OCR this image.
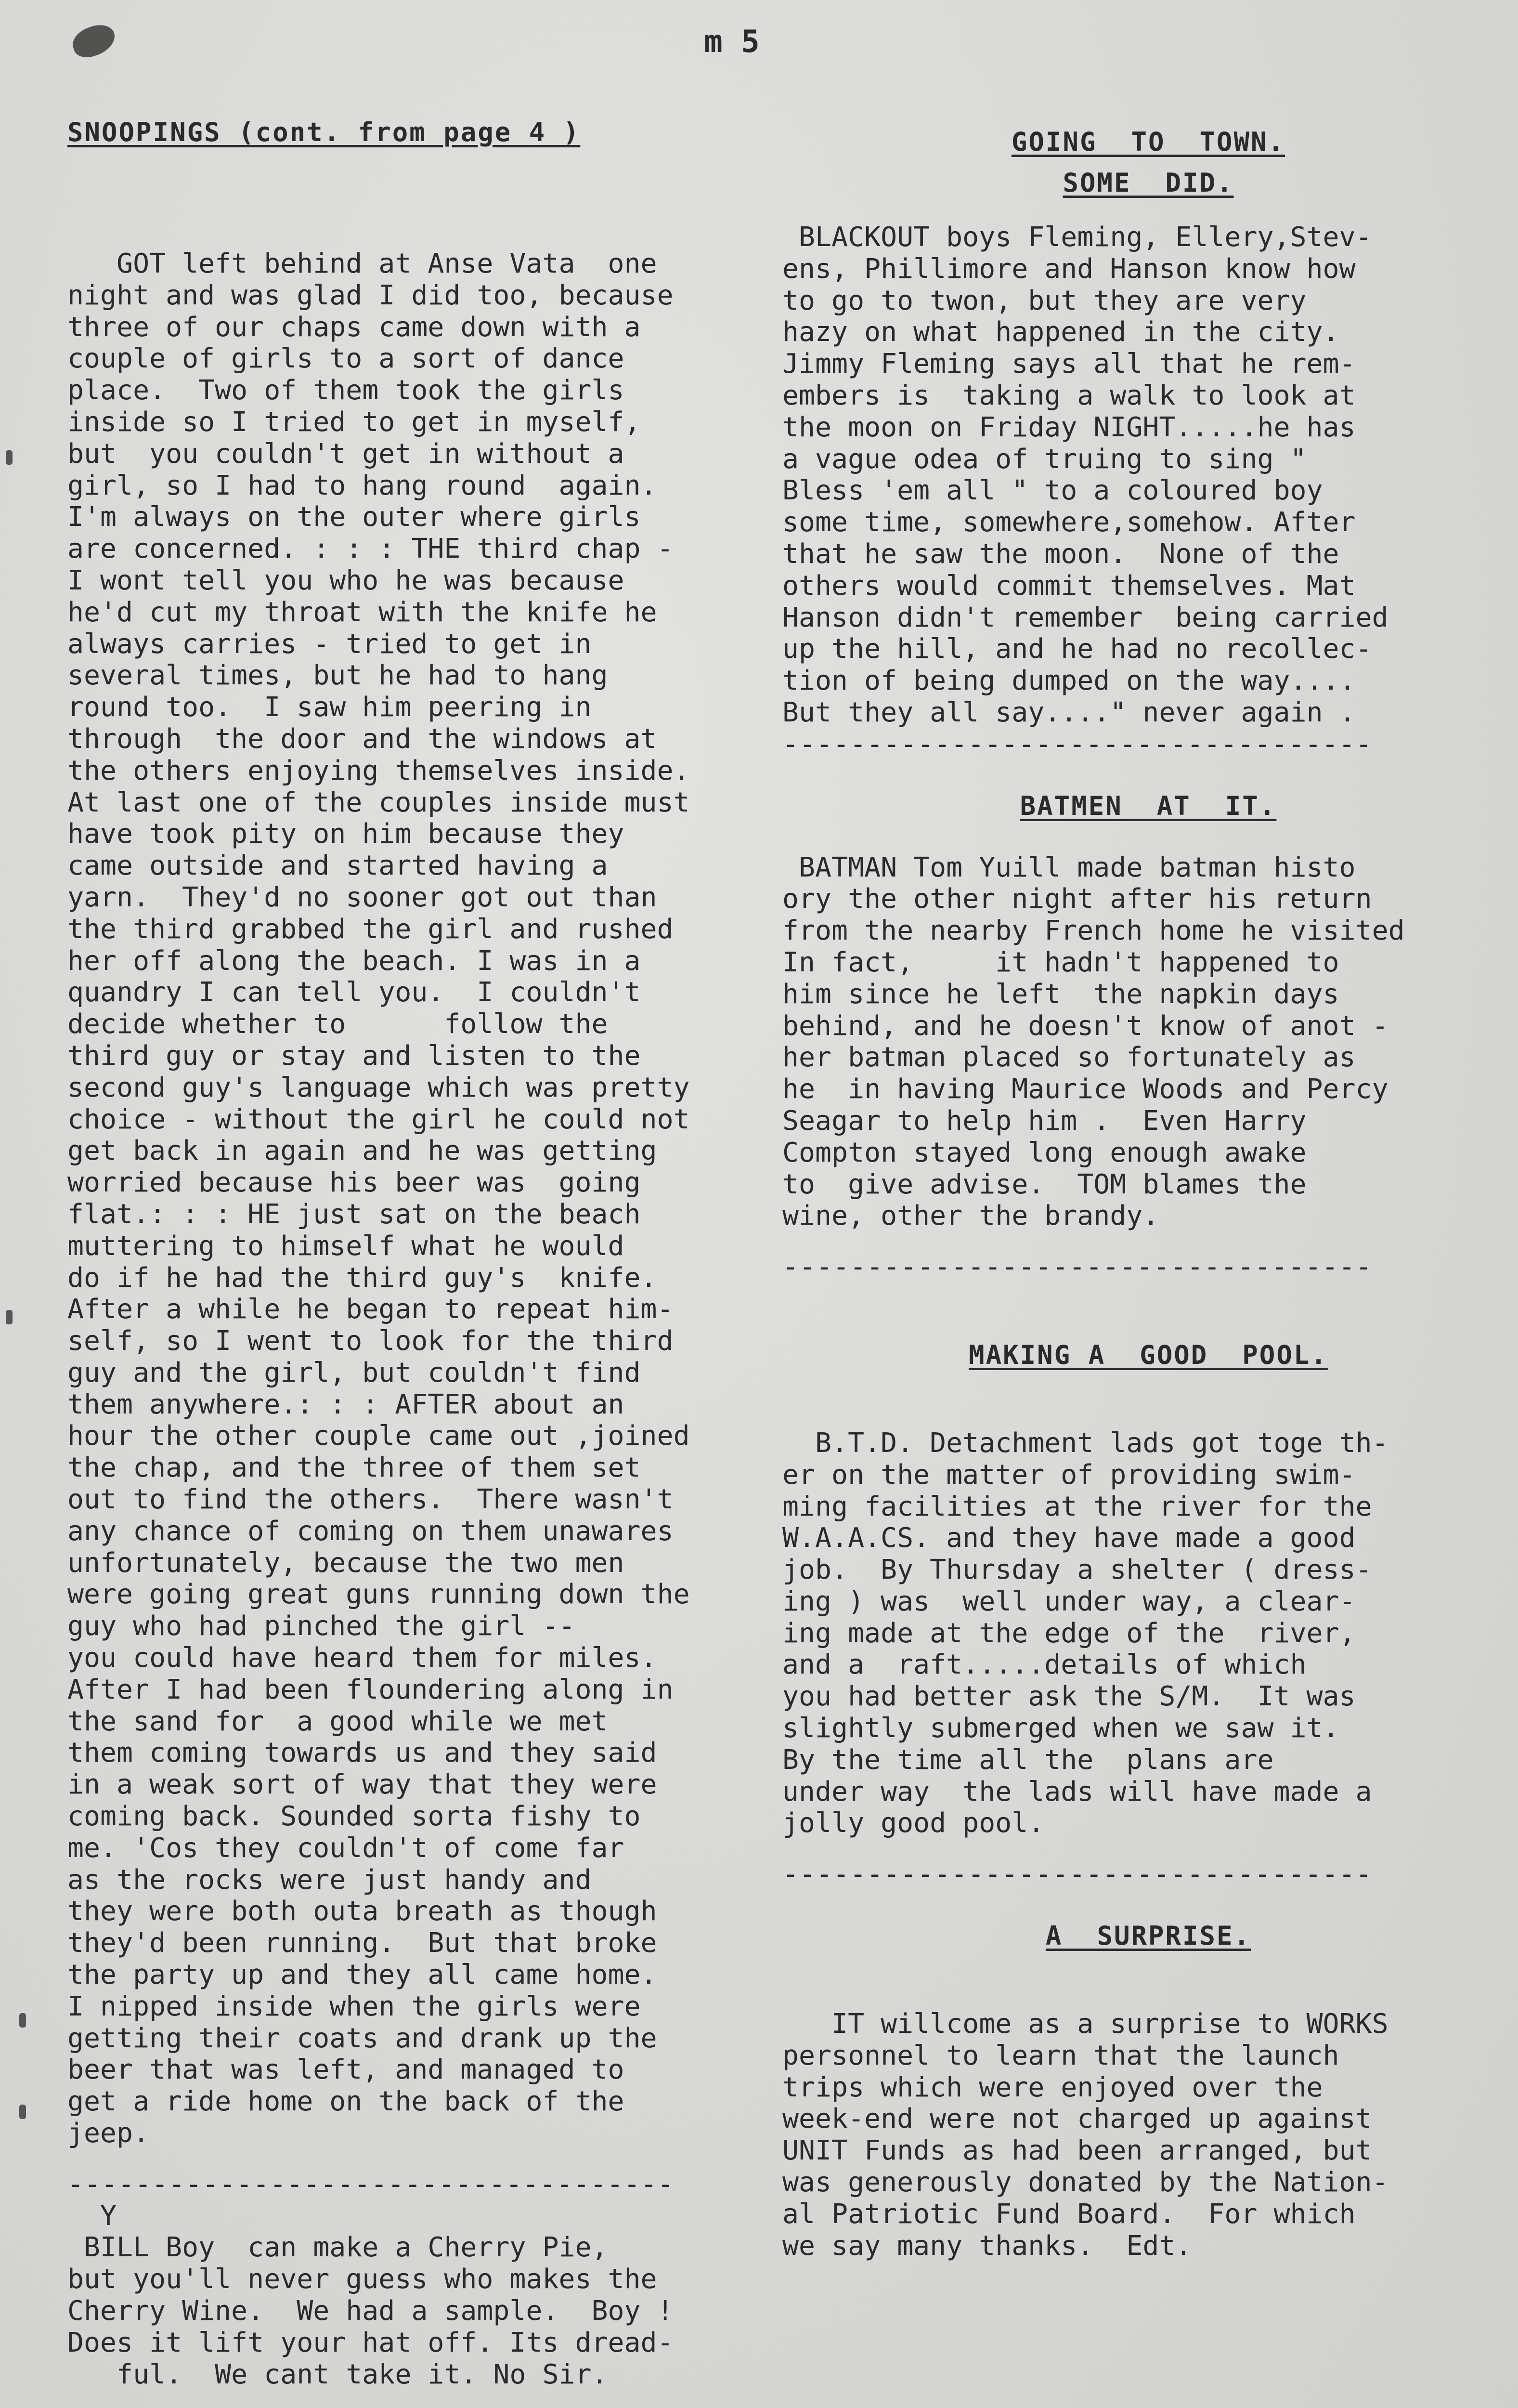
m 5
SNOOPINGS (cont. from page 4 )
GOT left behind at Anse Vata  one
night and was glad I did too, because
three of our chaps came down with a
couple of girls to a sort of dance
place.  Two of them took the girls
inside so I tried to get in myself,
but  you couldn't get in without a
girl, so I had to hang round  again.
I'm always on the outer where girls
are concerned. : : : THE third chap -
I wont tell you who he was because
he'd cut my throat with the knife he
always carries - tried to get in
several times, but he had to hang
round too.  I saw him peering in
through  the door and the windows at
the others enjoying themselves inside.
At last one of the couples inside must
have took pity on him because they
came outside and started having a
yarn.  They'd no sooner got out than
the third grabbed the girl and rushed
her off along the beach. I was in a
quandry I can tell you.  I couldn't
decide whether to      follow the
third guy or stay and listen to the
second guy's language which was pretty
choice - without the girl he could not
get back in again and he was getting
worried because his beer was  going
flat.: : : HE just sat on the beach
muttering to himself what he would
do if he had the third guy's  knife.
After a while he began to repeat him-
self, so I went to look for the third
guy and the girl, but couldn't find
them anywhere.: : : AFTER about an
hour the other couple came out ,joined
the chap, and the three of them set
out to find the others.  There wasn't
any chance of coming on them unawares
unfortunately, because the two men
were going great guns running down the
guy who had pinched the girl --
you could have heard them for miles.
After I had been floundering along in
the sand for  a good while we met
them coming towards us and they said
in a weak sort of way that they were
coming back. Sounded sorta fishy to
me. 'Cos they couldn't of come far
as the rocks were just handy and
they were both outa breath as though
they'd been running.  But that broke
the party up and they all came home.
I nipped inside when the girls were
getting their coats and drank up the
beer that was left, and managed to
get a ride home on the back of the
jeep.
------------------------------------
Y
BILL Boy  can make a Cherry Pie,
but you'll never guess who makes the
Cherry Wine.  We had a sample.  Boy !
Does it lift your hat off. Its dread-
ful.  We cant take it. No Sir.
GOING  TO  TOWN.
SOME  DID.
BLACKOUT boys Fleming, Ellery,Stev-
ens, Phillimore and Hanson know how
to go to twon, but they are very
hazy on what happened in the city.
Jimmy Fleming says all that he rem-
embers is  taking a walk to look at
the moon on Friday NIGHT.....he has
a vague odea of truing to sing "
Bless 'em all " to a coloured boy
some time, somewhere,somehow. After
that he saw the moon.  None of the
others would commit themselves. Mat
Hanson didn't remember  being carried
up the hill, and he had no recollec-
tion of being dumped on the way....
But they all say...." never again .
-----------------------------------
BATMEN  AT  IT.
BATMAN Tom Yuill made batman histo
ory the other night after his return
from the nearby French home he visited
In fact,     it hadn't happened to
him since he left  the napkin days
behind, and he doesn't know of anot -
her batman placed so fortunately as
he  in having Maurice Woods and Percy
Seagar to help him .  Even Harry
Compton stayed long enough awake
to  give advise.  TOM blames the
wine, other the brandy.
-----------------------------------
MAKING A  GOOD  POOL.
B.T.D. Detachment lads got toge th-
er on the matter of providing swim-
ming facilities at the river for the
W.A.A.CS. and they have made a good
job.  By Thursday a shelter ( dress-
ing ) was  well under way, a clear-
ing made at the edge of the  river,
and a  raft.....details of which
you had better ask the S/M.  It was
slightly submerged when we saw it.
By the time all the  plans are
under way  the lads will have made a
jolly good pool.
-----------------------------------
A  SURPRISE.
IT willcome as a surprise to WORKS
personnel to learn that the launch
trips which were enjoyed over the
week-end were not charged up against
UNIT Funds as had been arranged, but
was generously donated by the Nation-
al Patriotic Fund Board.  For which
we say many thanks.  Edt.
